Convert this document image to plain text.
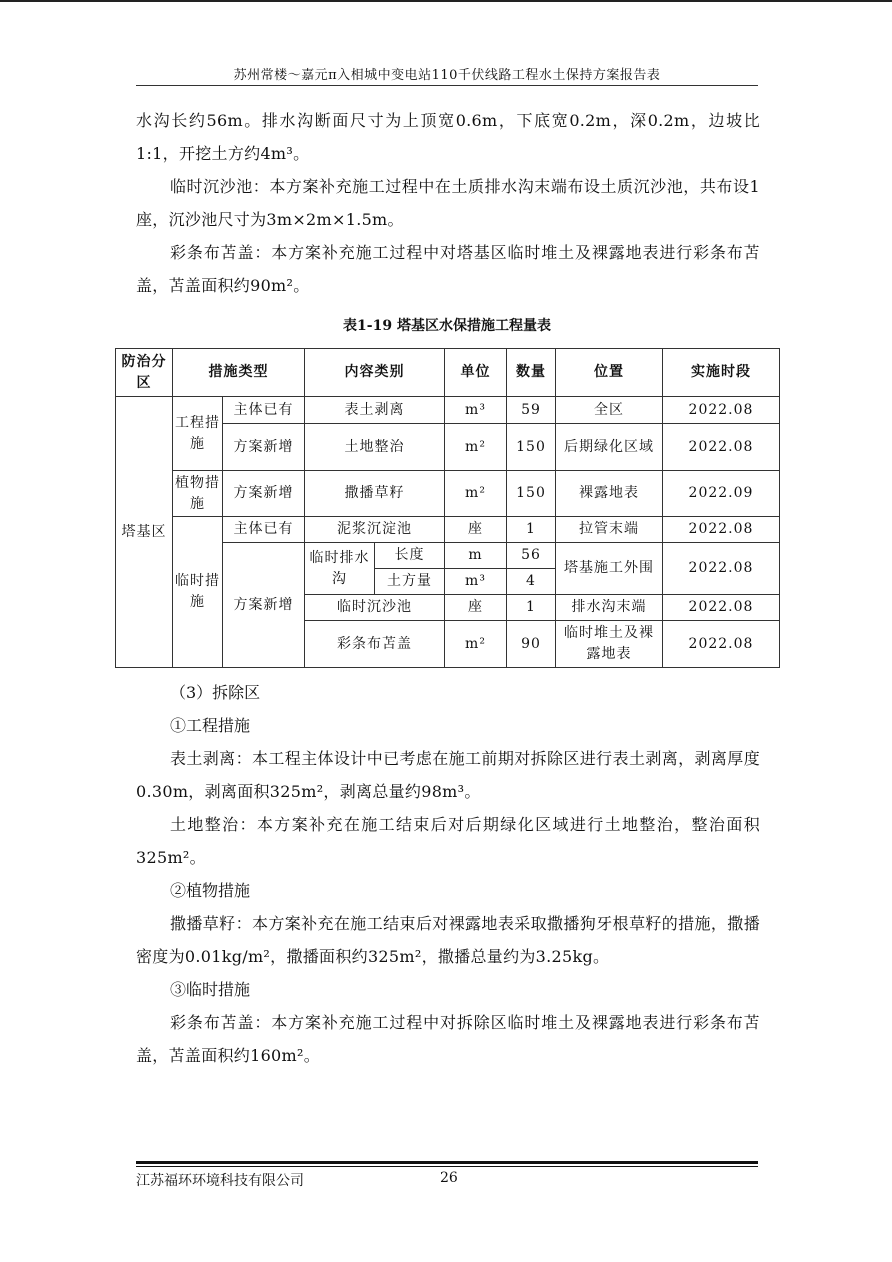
苏州常楼～嘉元π入相城中变电站110千伏线路工程水土保持方案报告表

水沟长约56m。排水沟断面尺寸为上顶宽0.6m，下底宽0.2m，深0.2m，边坡比1:1，开挖土方约4m³。

临时沉沙池：本方案补充施工过程中在土质排水沟末端布设土质沉沙池，共布设1座，沉沙池尺寸为3m×2m×1.5m。

彩条布苫盖：本方案补充施工过程中对塔基区临时堆土及裸露地表进行彩条布苫盖，苫盖面积约90m²。

表1-19 塔基区水保措施工程量表
防治分区	措施类型		内容类别		单位	数量	位置	实施时段
塔基区	工程措施	主体已有	表土剥离		m³	59	全区	2022.08
		方案新增	土地整治		m²	150	后期绿化区域	2022.08
	植物措施	方案新增	撒播草籽		m²	150	裸露地表	2022.09
	临时措施	主体已有	泥浆沉淀池		座	1	拉管末端	2022.08
		方案新增	临时排水沟	长度	m	56	塔基施工外围	2022.08
				土方量	m³	4		
			临时沉沙池		座	1	排水沟末端	2022.08
			彩条布苫盖		m²	90	临时堆土及裸露地表	2022.08

（3）拆除区

①工程措施

表土剥离：本工程主体设计中已考虑在施工前期对拆除区进行表土剥离，剥离厚度0.30m，剥离面积325m²，剥离总量约98m³。

土地整治：本方案补充在施工结束后对后期绿化区域进行土地整治，整治面积325m²。

②植物措施

撒播草籽：本方案补充在施工结束后对裸露地表采取撒播狗牙根草籽的措施，撒播密度为0.01kg/m²，撒播面积约325m²，撒播总量约为3.25kg。

③临时措施

彩条布苫盖：本方案补充施工过程中对拆除区临时堆土及裸露地表进行彩条布苫盖，苫盖面积约160m²。

江苏福环环境科技有限公司	26
